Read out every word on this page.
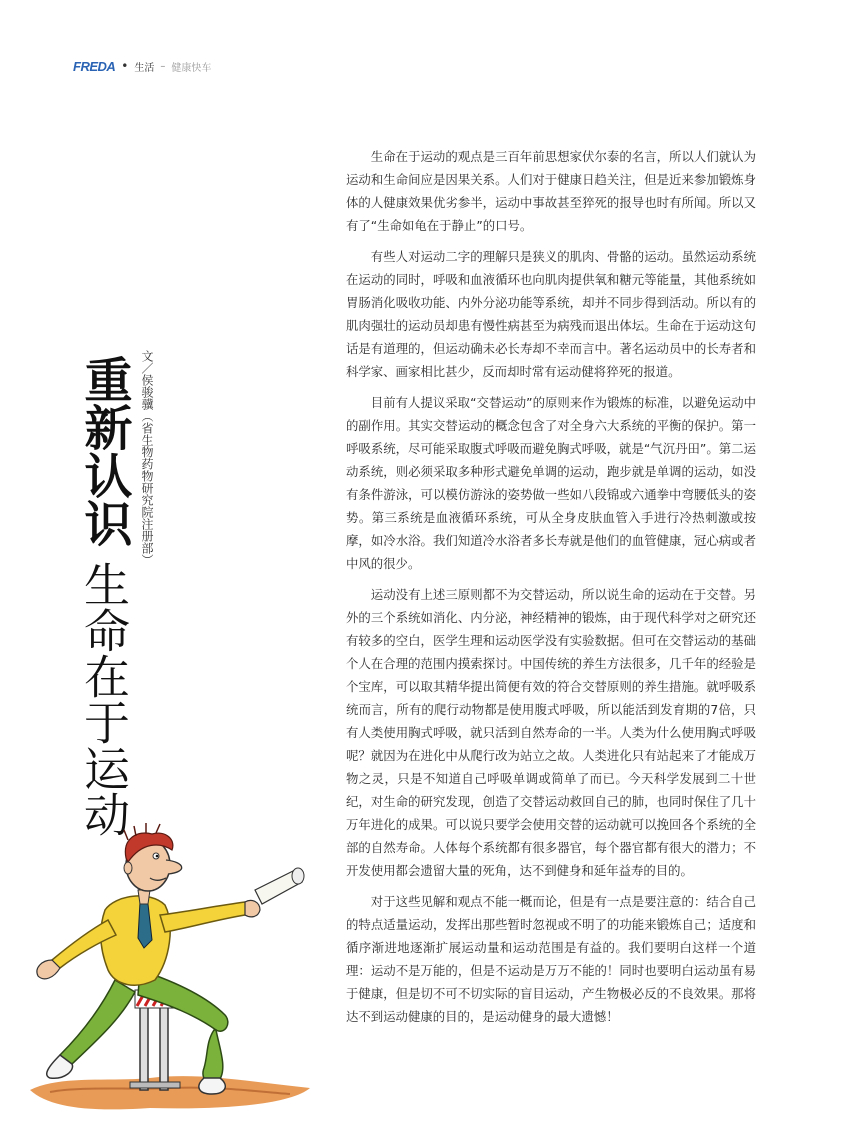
FREDA • 生活 – 健康快车
重新认识
生命在于运动
文／侯骏骥（省生物药物研究院注册部）

生命在于运动的观点是三百年前思想家伏尔泰的名言，所以人们就认为运动和生命间应是因果关系。人们对于健康日趋关注，但是近来参加锻炼身体的人健康效果优劣参半，运动中事故甚至猝死的报导也时有所闻。所以又有了“生命如龟在于静止”的口号。

有些人对运动二字的理解只是狭义的肌肉、骨骼的运动。虽然运动系统在运动的同时，呼吸和血液循环也向肌肉提供氧和糖元等能量，其他系统如胃肠消化吸收功能、内外分泌功能等系统，却并不同步得到活动。所以有的肌肉强壮的运动员却患有慢性病甚至为病残而退出体坛。生命在于运动这句话是有道理的，但运动确未必长寿却不幸而言中。著名运动员中的长寿者和科学家、画家相比甚少，反而却时常有运动健将猝死的报道。

目前有人提议采取“交替运动”的原则来作为锻炼的标准，以避免运动中的副作用。其实交替运动的概念包含了对全身六大系统的平衡的保护。第一呼吸系统，尽可能采取腹式呼吸而避免胸式呼吸，就是“气沉丹田”。第二运动系统，则必须采取多种形式避免单调的运动，跑步就是单调的运动，如没有条件游泳，可以模仿游泳的姿势做一些如八段锦或六通拳中弯腰低头的姿势。第三系统是血液循环系统，可从全身皮肤血管入手进行冷热刺激或按摩，如冷水浴。我们知道冷水浴者多长寿就是他们的血管健康，冠心病或者中风的很少。

运动没有上述三原则都不为交替运动，所以说生命的运动在于交替。另外的三个系统如消化、内分泌，神经精神的锻炼，由于现代科学对之研究还有较多的空白，医学生理和运动医学没有实验数据。但可在交替运动的基础个人在合理的范围内摸索探讨。中国传统的养生方法很多，几千年的经验是个宝库，可以取其精华提出简便有效的符合交替原则的养生措施。就呼吸系统而言，所有的爬行动物都是使用腹式呼吸，所以能活到发育期的7倍，只有人类使用胸式呼吸，就只活到自然寿命的一半。人类为什么使用胸式呼吸呢？就因为在进化中从爬行改为站立之故。人类进化只有站起来了才能成万物之灵，只是不知道自己呼吸单调或简单了而已。今天科学发展到二十世纪，对生命的研究发现，创造了交替运动救回自己的肺，也同时保住了几十万年进化的成果。可以说只要学会使用交替的运动就可以挽回各个系统的全部的自然寿命。人体每个系统都有很多器官，每个器官都有很大的潜力；不开发使用都会遗留大量的死角，达不到健身和延年益寿的目的。

对于这些见解和观点不能一概而论，但是有一点是要注意的：结合自己的特点适量运动，发挥出那些暂时忽视或不明了的功能来锻炼自己；适度和循序渐进地逐渐扩展运动量和运动范围是有益的。我们要明白这样一个道理：运动不是万能的，但是不运动是万万不能的！同时也要明白运动虽有易于健康，但是切不可不切实际的盲目运动，产生物极必反的不良效果。那将达不到运动健康的目的，是运动健身的最大遗憾！
